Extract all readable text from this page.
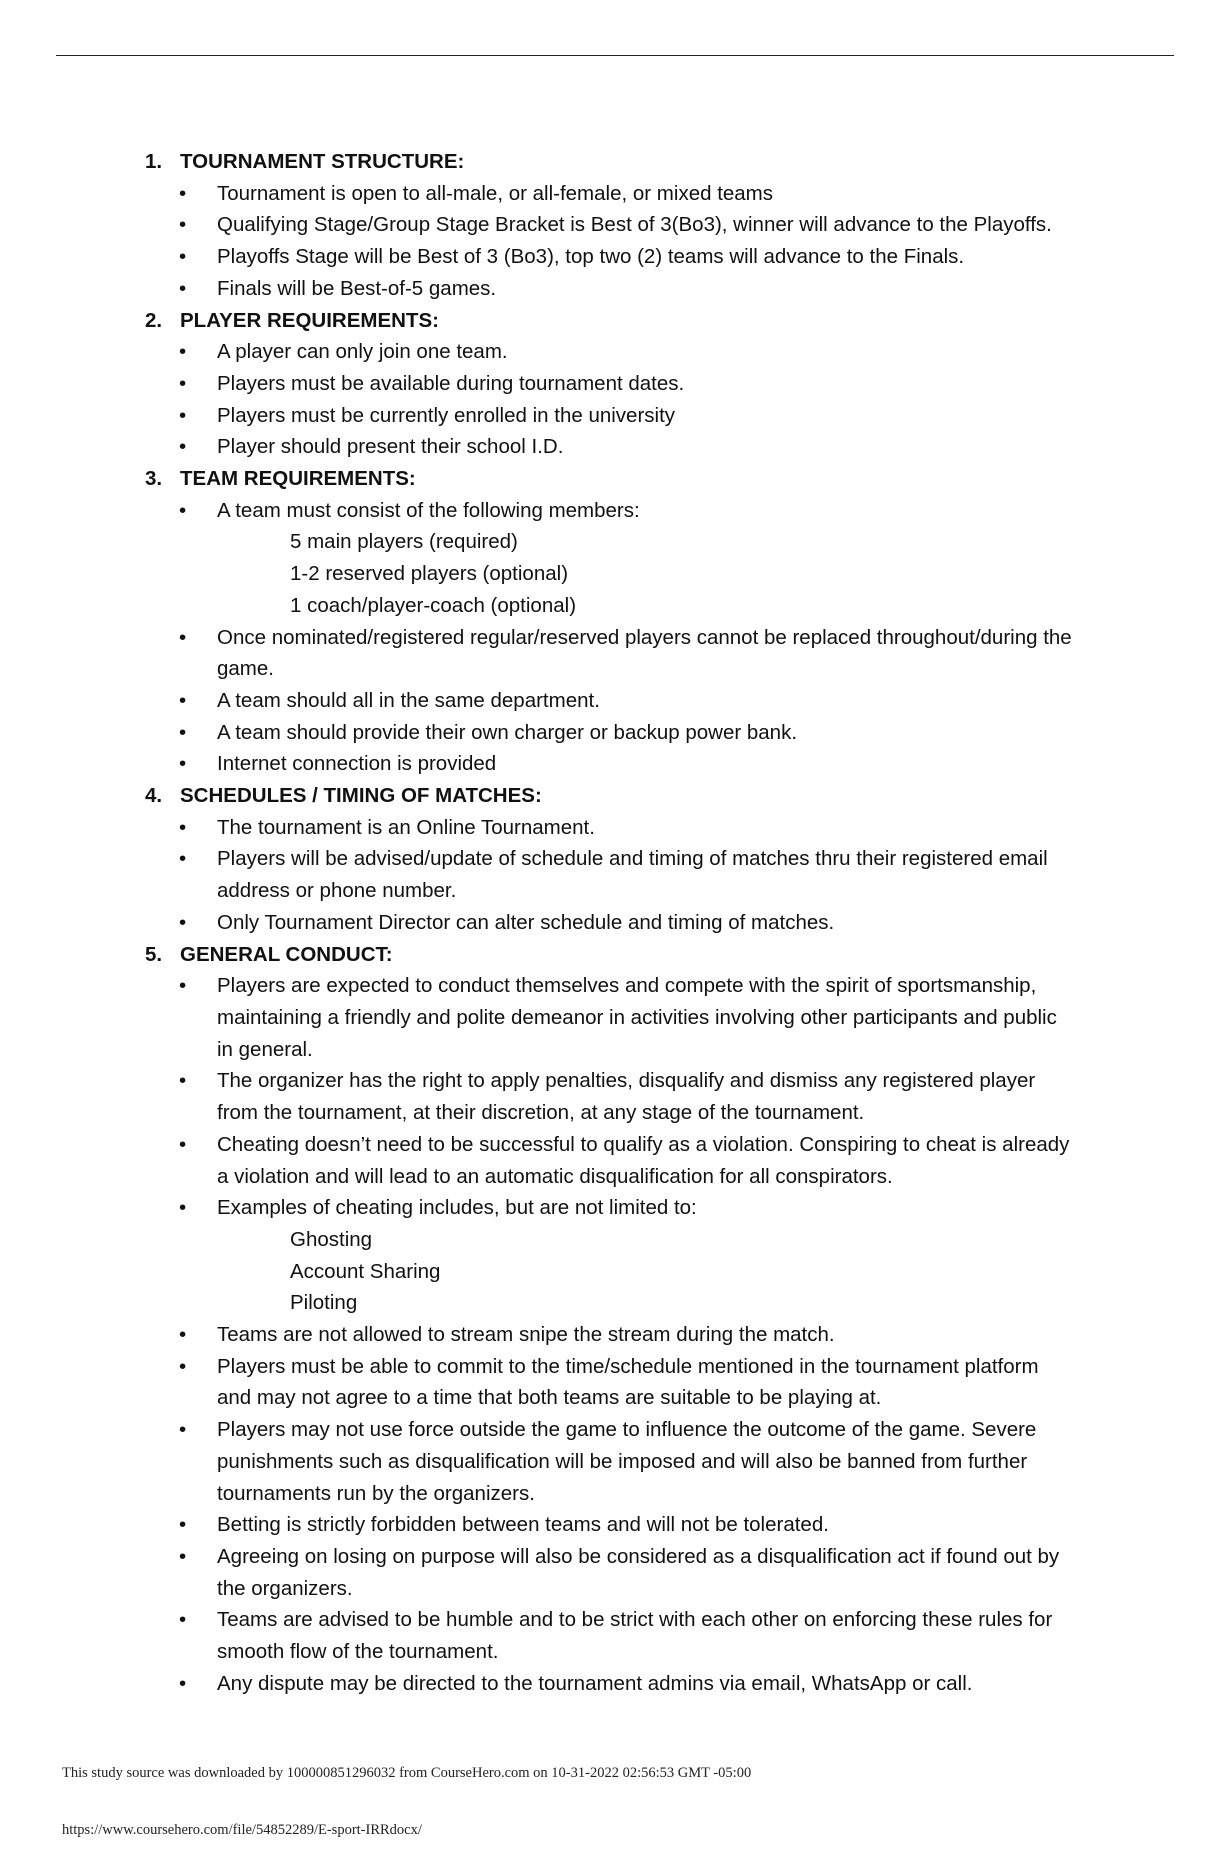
1. TOURNAMENT STRUCTURE:
• Tournament is open to all-male, or all-female, or mixed teams
• Qualifying Stage/Group Stage Bracket is Best of 3(Bo3), winner will advance to the Playoffs.
• Playoffs Stage will be Best of 3 (Bo3), top two (2) teams will advance to the Finals.
• Finals will be Best-of-5 games.
2. PLAYER REQUIREMENTS:
• A player can only join one team.
• Players must be available during tournament dates.
• Players must be currently enrolled in the university
• Player should present their school I.D.
3. TEAM REQUIREMENTS:
• A team must consist of the following members:
5 main players (required)
1-2 reserved players (optional)
1 coach/player-coach (optional)
• Once nominated/registered regular/reserved players cannot be replaced throughout/during the game.
• A team should all in the same department.
• A team should provide their own charger or backup power bank.
• Internet connection is provided
4. SCHEDULES / TIMING OF MATCHES:
• The tournament is an Online Tournament.
• Players will be advised/update of schedule and timing of matches thru their registered email address or phone number.
• Only Tournament Director can alter schedule and timing of matches.
5. GENERAL CONDUCT:
• Players are expected to conduct themselves and compete with the spirit of sportsmanship, maintaining a friendly and polite demeanor in activities involving other participants and public in general.
• The organizer has the right to apply penalties, disqualify and dismiss any registered player from the tournament, at their discretion, at any stage of the tournament.
• Cheating doesn’t need to be successful to qualify as a violation. Conspiring to cheat is already a violation and will lead to an automatic disqualification for all conspirators.
• Examples of cheating includes, but are not limited to:
Ghosting
Account Sharing
Piloting
• Teams are not allowed to stream snipe the stream during the match.
• Players must be able to commit to the time/schedule mentioned in the tournament platform and may not agree to a time that both teams are suitable to be playing at.
• Players may not use force outside the game to influence the outcome of the game. Severe punishments such as disqualification will be imposed and will also be banned from further tournaments run by the organizers.
• Betting is strictly forbidden between teams and will not be tolerated.
• Agreeing on losing on purpose will also be considered as a disqualification act if found out by the organizers.
• Teams are advised to be humble and to be strict with each other on enforcing these rules for smooth flow of the tournament.
• Any dispute may be directed to the tournament admins via email, WhatsApp or call.
This study source was downloaded by 100000851296032 from CourseHero.com on 10-31-2022 02:56:53 GMT -05:00
https://www.coursehero.com/file/54852289/E-sport-IRRdocx/
